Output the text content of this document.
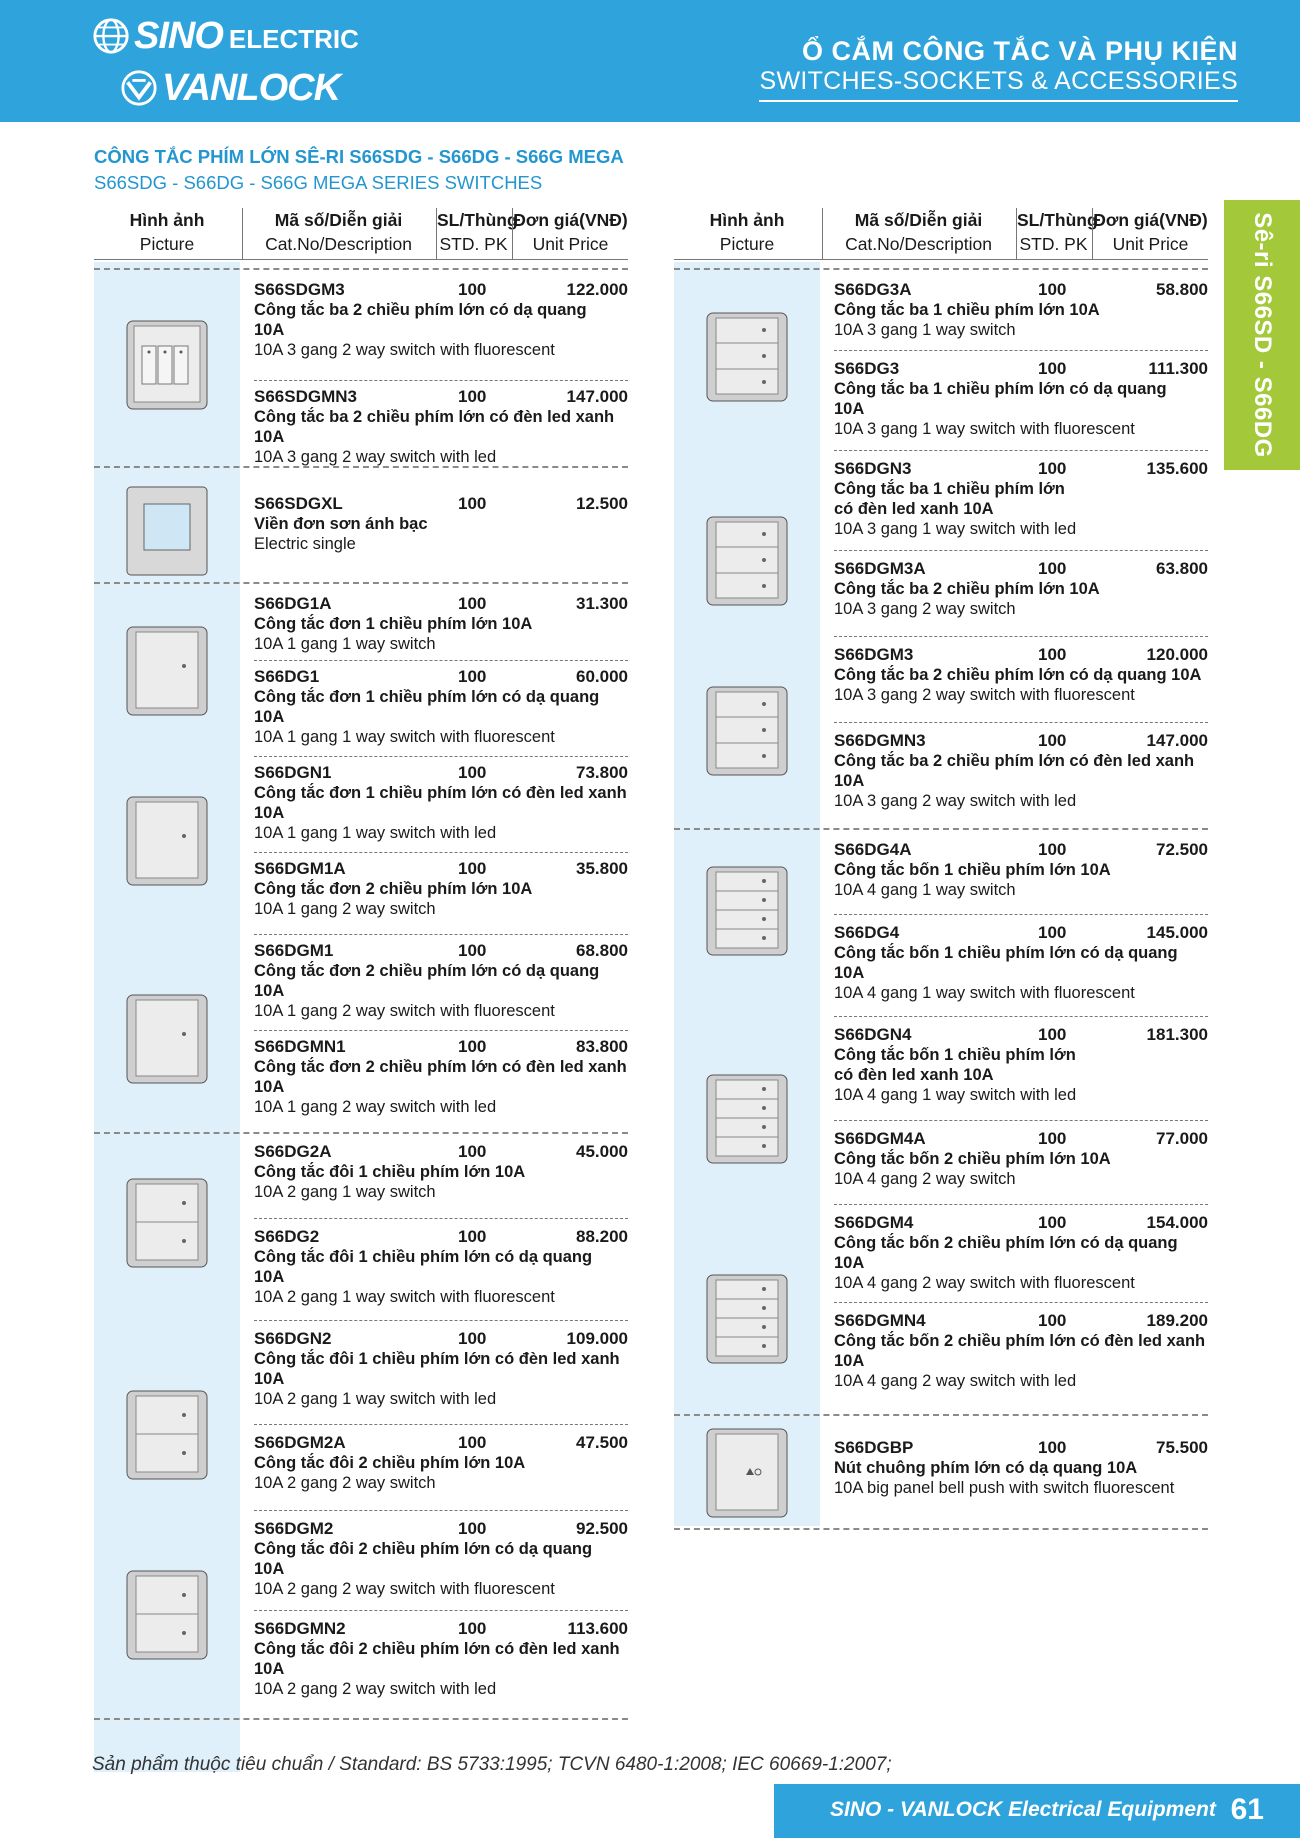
SINO ELECTRIC
VANLOCK
Ổ CẮM CÔNG TẮC VÀ PHỤ KIỆN
SWITCHES-SOCKETS & ACCESSORIES
CÔNG TẮC PHÍM LỚN SÊ-RI S66SDG - S66DG - S66G MEGA
S66SDG - S66DG - S66G MEGA SERIES SWITCHES
Sê-ri S66SD - S66DG
Hình ảnh
Picture
Mã số/Diễn giải
Cat.No/Description
SL/Thùng
STD. PK
Đơn giá(VNĐ)
Unit Price
S66SDGM3	100	122.000
Công tắc ba 2 chiều phím lớn có dạ quang
10A
10A 3 gang 2 way switch with fluorescent
S66SDGMN3	100	147.000
Công tắc ba 2 chiều phím lớn có đèn led xanh
10A
10A 3 gang 2 way switch with led
S66SDGXL	100	12.500
Viền đơn sơn ánh bạc
Electric single
S66DG1A	100	31.300
Công tắc đơn 1 chiều phím lớn 10A
10A 1 gang 1 way switch
S66DG1	100	60.000
Công tắc đơn 1 chiều phím lớn có dạ quang
10A
10A 1 gang 1 way switch with fluorescent
S66DGN1	100	73.800
Công tắc đơn 1 chiều phím lớn có đèn led xanh
10A
10A 1 gang 1 way switch with led
S66DGM1A	100	35.800
Công tắc đơn 2 chiều phím lớn 10A
10A 1 gang 2 way switch
S66DGM1	100	68.800
Công tắc đơn 2 chiều phím lớn có dạ quang
10A
10A 1 gang 2 way switch with fluorescent
S66DGMN1	100	83.800
Công tắc đơn 2 chiều phím lớn có đèn led xanh
10A
10A 1 gang 2 way switch with led
S66DG2A	100	45.000
Công tắc đôi 1 chiều phím lớn 10A
10A 2 gang 1 way switch
S66DG2	100	88.200
Công tắc đôi 1 chiều phím lớn có dạ quang
10A
10A 2 gang 1 way switch with fluorescent
S66DGN2	100	109.000
Công tắc đôi 1 chiều phím lớn có đèn led xanh
10A
10A 2 gang 1 way switch with led
S66DGM2A	100	47.500
Công tắc đôi 2 chiều phím lớn 10A
10A 2 gang 2 way switch
S66DGM2	100	92.500
Công tắc đôi 2 chiều phím lớn có dạ quang
10A
10A 2 gang 2 way switch with fluorescent
S66DGMN2	100	113.600
Công tắc đôi 2 chiều phím lớn có đèn led xanh
10A
10A 2 gang 2 way switch with led
Hình ảnh
Picture
Mã số/Diễn giải
Cat.No/Description
SL/Thùng
STD. PK
Đơn giá(VNĐ)
Unit Price
S66DG3A	100	58.800
Công tắc ba 1 chiều phím lớn 10A
10A 3 gang 1 way switch
S66DG3	100	111.300
Công tắc ba 1 chiều phím lớn có dạ quang
10A
10A 3 gang 1 way switch with fluorescent
S66DGN3	100	135.600
Công tắc ba 1 chiều phím lớn
có đèn led xanh 10A
10A 3 gang 1 way switch with led
S66DGM3A	100	63.800
Công tắc ba 2 chiều phím lớn 10A
10A 3 gang 2 way switch
S66DGM3	100	120.000
Công tắc ba 2 chiều phím lớn có dạ quang 10A
10A 3 gang 2 way switch with fluorescent
S66DGMN3	100	147.000
Công tắc ba 2 chiều phím lớn có đèn led xanh
10A
10A 3 gang 2 way switch with led
S66DG4A	100	72.500
Công tắc bốn 1 chiều phím lớn 10A
10A 4 gang 1 way switch
S66DG4	100	145.000
Công tắc bốn 1 chiều phím lớn có dạ quang
10A
10A 4 gang 1 way switch with fluorescent
S66DGN4	100	181.300
Công tắc bốn 1 chiều phím lớn
có đèn led xanh 10A
10A 4 gang 1 way switch with led
S66DGM4A	100	77.000
Công tắc bốn 2 chiều phím lớn 10A
10A 4 gang 2 way switch
S66DGM4	100	154.000
Công tắc bốn 2 chiều phím lớn có dạ quang
10A
10A 4 gang 2 way switch with fluorescent
S66DGMN4	100	189.200
Công tắc bốn 2 chiều phím lớn có đèn led xanh
10A
10A 4 gang 2 way switch with led
S66DGBP	100	75.500
Nút chuông phím lớn có dạ quang 10A
10A big panel bell push with switch fluorescent
Sản phẩm thuộc tiêu chuẩn / Standard: BS 5733:1995; TCVN 6480-1:2008; IEC 60669-1:2007;
SINO - VANLOCK Electrical Equipment 61
